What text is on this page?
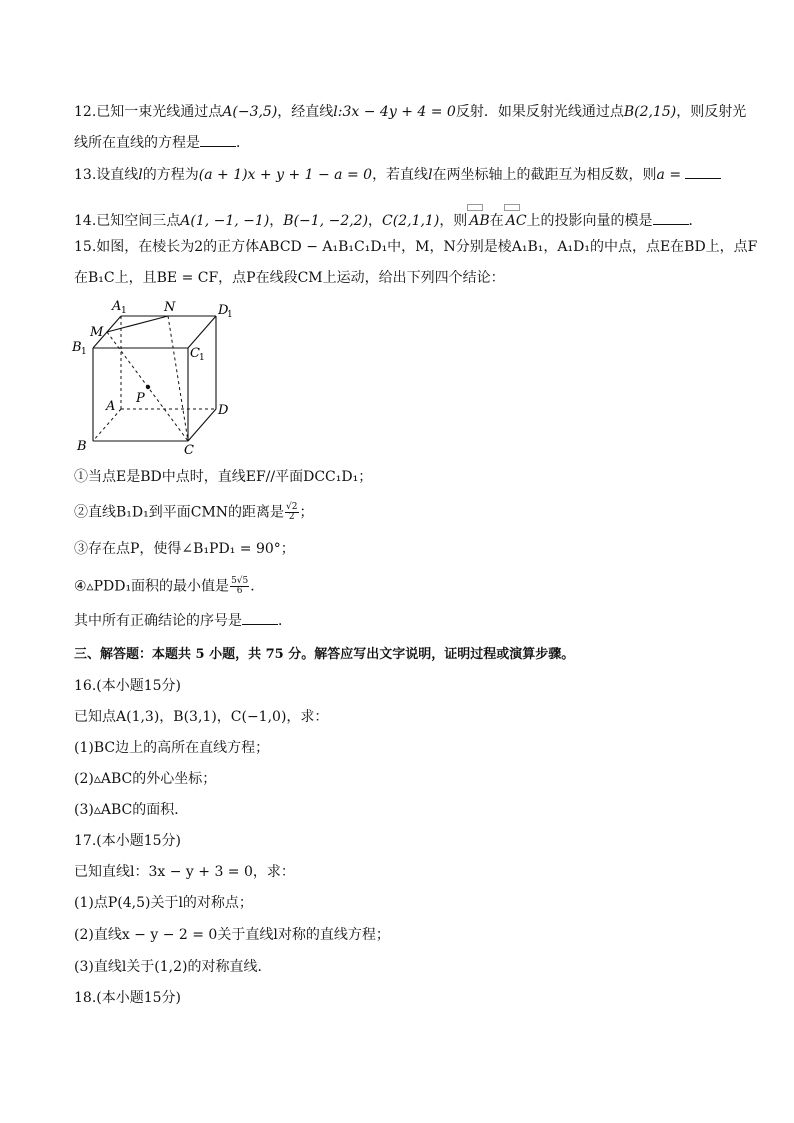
12.已知一束光线通过点A(−3,5)，经直线l:3x − 4y + 4 = 0反射．如果反射光线通过点B(2,15)，则反射光
线所在直线的方程是	．
13.设直线l的方程为(a + 1)x + y + 1 − a = 0，若直线l在两坐标轴上的截距互为相反数，则a =
14.已知空间三点A(1, −1, −1)，B(−1, −2,2)，C(2,1,1)，则 AB在 AC上的投影向量的模是	．
15.如图，在棱长为2的正方体ABCD − A₁B₁C₁D₁中，M，N分别是棱A₁B₁，A₁D₁的中点，点E在BD上，点F
在B₁C上，且BE = CF，点P在线段CM上运动，给出下列四个结论：
A 1	N	D
1
M
B 1	C 1
P
A	D
B	C
①当点E是BD中点时，直线EF//平面DCC₁D₁；
②直线B₁D₁到平面CMN的距离是 $\frac{√2}{2}$ ；
③存在点P，使得∠B₁PD₁ = 90°；
④▵PDD₁面积的最小值是 $\frac{5√5}{6}$ ．
其中所有正确结论的序号是	．
三、解答题：本题共 5 小题，共 75 分。解答应写出文字说明，证明过程或演算步骤。
16.(本小题15分)
已知点A(1,3)，B(3,1)，C(−1,0)，求：
(1)BC边上的高所在直线方程；
(2)▵ABC的外心坐标；
(3)▵ABC的面积．
17.(本小题15分)
已知直线l：3x − y + 3 = 0，求：
(1)点P(4,5)关于l的对称点；
(2)直线x − y − 2 = 0关于直线l对称的直线方程；
(3)直线l关于(1,2)的对称直线．
18.(本小题15分)
